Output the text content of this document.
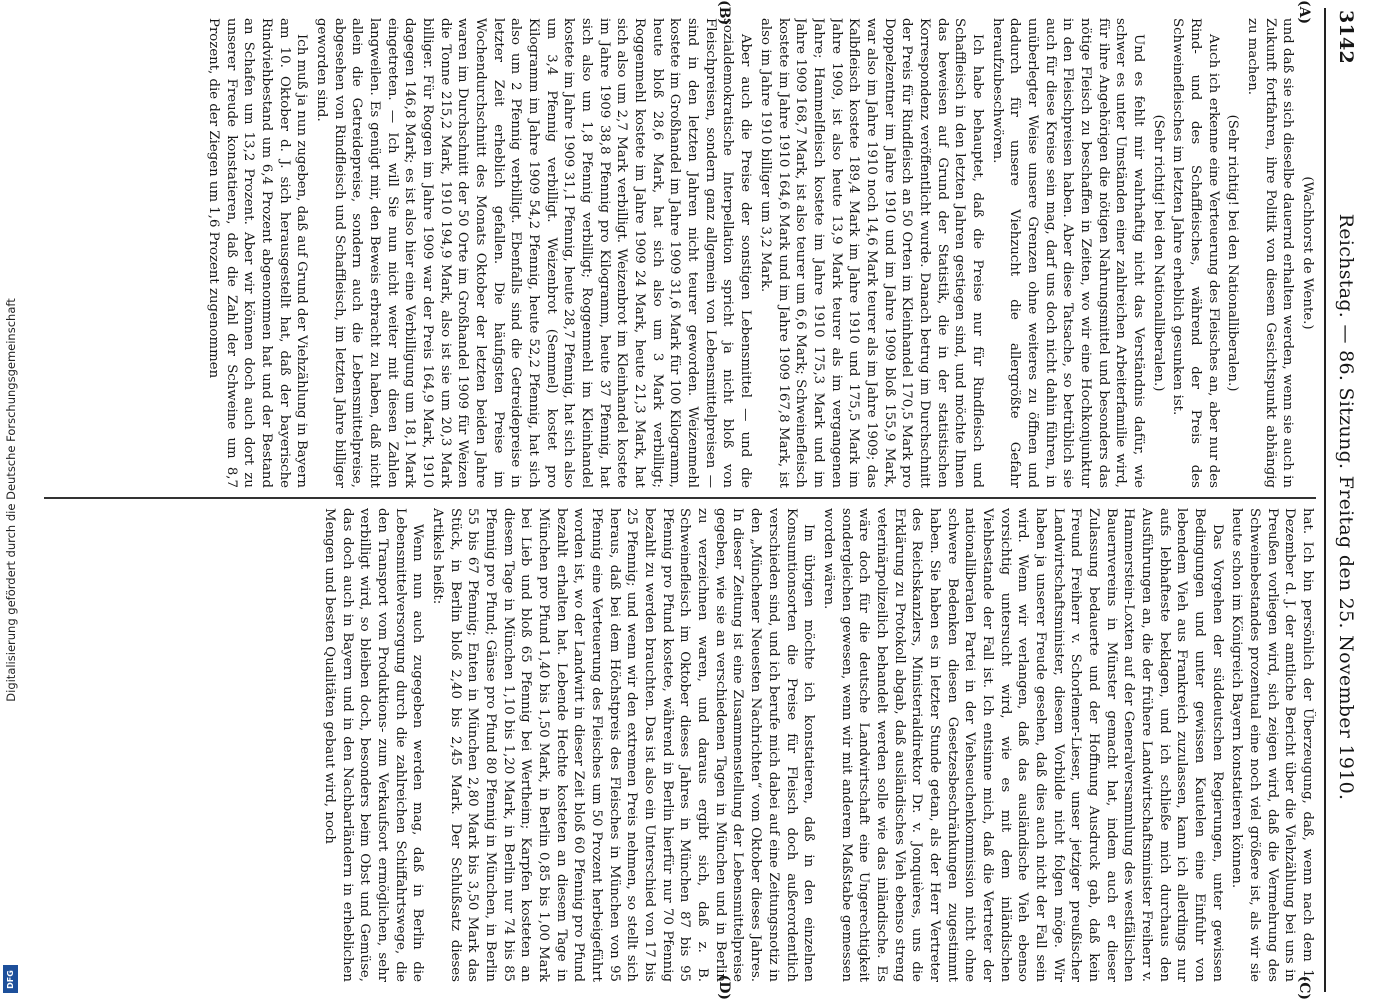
Digitalisierung gefördert durch die Deutsche Forschungsgemeinschaft
DFG
3142
Reichstag. — 86. Sitzung. Freitag den 25. November 1910.
(A)
(B)
(C)
(D)

(Wachhorst de Wente.)

und daß sie sich dieselbe dauernd erhalten werden, wenn sie auch in Zukunft fortfahren, ihre Politik von diesem Gesichtspunkt abhängig zu machen.

(Sehr richtig! bei den Nationalliberalen.)

Auch ich erkenne eine Verteuerung des Fleisches an, aber nur des Rind- und des Schaffleisches, während der Preis des Schweinefleisches im letzten Jahre erheblich gesunken ist.

(Sehr richtig! bei den Nationalliberalen.)

Und es fehlt mir wahrhaftig nicht das Verständnis dafür, wie schwer es unter Umständen einer zahlreichen Arbeiterfamilie wird, für ihre Angehörigen die nötigen Nahrungsmittel und besonders das nötige Fleisch zu beschaffen in Zeiten, wo wir eine Hochkonjunktur in den Fleischpreisen haben. Aber diese Tatsache, so betrüblich sie auch für diese Kreise sein mag, darf uns doch nicht dahin führen, in unüberlegter Weise unsere Grenzen ohne weiteres zu öffnen und dadurch für unsere Viehzucht die allergrößte Gefahr heraufzubeschwören.

Ich habe behauptet, daß die Preise nur für Rindfleisch und Schaffleisch in den letzten Jahren gestiegen sind, und möchte Ihnen das beweisen auf Grund der Statistik, die in der statistischen Korrespondenz veröffentlicht wurde. Danach betrug im Durchschnitt der Preis für Rindfleisch an 50 Orten im Kleinhandel 170,5 Mark pro Doppelzentner im Jahre 1910 und im Jahre 1909 bloß 155,9 Mark, war also im Jahre 1910 noch 14,6 Mark teurer als im Jahre 1909; das Kalbfleisch kostete 189,4 Mark im Jahre 1910 und 175,5 Mark im Jahre 1909, ist also heute 13,9 Mark teurer als im vergangenen Jahre; Hammelfleisch kostete im Jahre 1910 175,3 Mark und im Jahre 1909 168,7 Mark, ist also teurer um 6,6 Mark; Schweinefleisch kostete im Jahre 1910 164,6 Mark und im Jahre 1909 167,8 Mark, ist also im Jahre 1910 billiger um 3,2 Mark.

Aber auch die Preise der sonstigen Lebensmittel — und die sozialdemokratische Interpellation spricht ja nicht bloß von Fleischpreisen, sondern ganz allgemein von Lebensmittelpreisen — sind in den letzten Jahren nicht teurer geworden. Weizenmehl kostete im Großhandel im Jahre 1909 31,6 Mark für 100 Kilogramm, heute bloß 28,6 Mark, hat sich also um 3 Mark verbilligt; Roggenmehl kostete im Jahre 1909 24 Mark, heute 21,3 Mark, hat sich also um 2,7 Mark verbilligt. Weizenbrot im Kleinhandel kostete im Jahre 1909 38,8 Pfennig pro Kilogramm, heute 37 Pfennig, hat sich also um 1,8 Pfennig verbilligt; Roggenmehl im Kleinhandel kostete im Jahre 1909 31,1 Pfennig, heute 28,7 Pfennig, hat sich also um 3,4 Pfennig verbilligt. Weizenbrot (Semmel) kostet pro Kilogramm im Jahre 1909 54,2 Pfennig, heute 52,2 Pfennig, hat sich also um 2 Pfennig verbilligt. Ebenfalls sind die Getreidepreise in letzter Zeit erheblich gefallen. Die häufigsten Preise im Wochendurchschnitt des Monats Oktober der letzten beiden Jahre waren im Durchschnitt der 50 Orte im Großhandel 1909 für Weizen die Tonne 215,2 Mark, 1910 194,9 Mark, also ist sie um 20,3 Mark billiger. Für Roggen im Jahre 1909 war der Preis 164,9 Mark, 1910 dagegen 146,8 Mark; es ist also hier eine Verbilligung um 18,1 Mark eingetreten. — Ich will Sie nun nicht weiter mit diesen Zahlen langweilen. Es genügt mir, den Beweis erbracht zu haben, daß nicht allein die Getreidepreise, sondern auch die Lebensmittelpreise, abgesehen von Rindfleisch und Schaffleisch, im letzten Jahre billiger geworden sind.

Ich muß ja nun zugeben, daß auf Grund der Viehzählung in Bayern am 10. Oktober d. J. sich herausgestellt hat, daß der bayerische Rindviehbestand um 6,4 Prozent abgenommen hat und der Bestand an Schafen um 13,2 Prozent. Aber wir können doch auch dort zu unserer Freude konstatieren, daß die Zahl der Schweine um 8,7 Prozent, die der Ziegen um 1,6 Prozent zugenommen

hat. Ich bin persönlich der Überzeugung, daß, wenn nach dem 1. Dezember d. J. der amtliche Bericht über die Viehzählung bei uns in Preußen vorliegen wird, sich zeigen wird, daß die Vermehrung des Schweinebestandes prozentual eine noch viel größere ist, als wir sie heute schon im Königreich Bayern konstatieren können.

Das Vorgehen der süddeutschen Regierungen, unter gewissen Bedingungen und unter gewissen Kautelen eine Einfuhr von lebendem Vieh aus Frankreich zuzulassen, kann ich allerdings nur aufs lebhafteste beklagen, und ich schließe mich durchaus den Ausführungen an, die der frühere Landwirtschaftsminister Freiherr v. Hammerstein-Loxten auf der Generalversammlung des westfälischen Bauernvereins in Münster gemacht hat, indem auch er dieser Zulassung bedauerte und der Hoffnung Ausdruck gab, daß kein Freund Freiherr v. Schorlemer-Lieser, unser jetziger preußischer Landwirtschaftsminister, diesem Vorbilde nicht folgen möge. Wir haben ja unserer Freude gesehen, daß dies auch nicht der Fall sein wird. Wenn wir verlangen, daß das ausländische Vieh ebenso vorsichtig untersucht wird, wie es mit dem inländischen Viehbestande der Fall ist. Ich entsinne mich, daß die Vertreter der nationalliberalen Partei in der Viehseuchenkommission nicht ohne schwere Bedenken diesen Gesetzesbeschränkungen zugestimmt haben. Sie haben es in letzter Stunde getan, als der Herr Vertreter des Reichskanzlers, Ministerialdirektor Dr. v. Jonquières, uns die Erklärung zu Protokoll abgab, daß ausländisches Vieh ebenso streng veterinärpolizeilich behandelt werden solle wie das inländische. Es wäre doch für die deutsche Landwirtschaft eine Ungerechtigkeit sondergleichen gewesen, wenn wir mit anderem Maßstabe gemessen worden wären.

Im übrigen möchte ich konstatieren, daß in den einzelnen Konsumtionsorten die Preise für Fleisch doch außerordentlich verschieden sind, und ich berufe mich dabei auf eine Zeitungsnotiz in den „Münchener Neuesten Nachrichten“ vom Oktober dieses Jahres. In dieser Zeitung ist eine Zusammenstellung der Lebensmittelpreise gegeben, wie sie an verschiedenen Tagen in München und in Berlin zu verzeichnen waren, und daraus ergibt sich, daß z. B. Schweinefleisch im Oktober dieses Jahres in München 87 bis 95 Pfennig pro Pfund kostete, während in Berlin hierfür nur 70 Pfennig bezahlt zu werden brauchten. Das ist also ein Unterschied von 17 bis 25 Pfennig; und wenn wir den extremen Preis nehmen, so stellt sich heraus, daß bei dem Höchstpreis des Fleisches in München von 95 Pfennig eine Verteuerung des Fleisches um 50 Prozent herbeigeführt worden ist, wo der Landwirt in dieser Zeit bloß 60 Pfennig pro Pfund bezahlt erhalten hat. Lebende Hechte kosteten an diesem Tage in München pro Pfund 1,40 bis 1,50 Mark, in Berlin 0,85 bis 1,00 Mark bei Lieb und bloß 65 Pfennig bei Wertheim; Karpfen kosteten an diesem Tage in München 1,10 bis 1,20 Mark, in Berlin nur 74 bis 85 Pfennig pro Pfund; Gänse pro Pfund 80 Pfennig in München, in Berlin 55 bis 67 Pfennig; Enten in München 2,80 Mark bis 3,50 Mark das Stück, in Berlin bloß 2,40 bis 2,45 Mark. Der Schlußsatz dieses Artikels heißt:

Wenn nun auch zugegeben werden mag, daß in Berlin die Lebensmittelversorgung durch die zahlreichen Schiffahrtswege, die den Transport vom Produktions- zum Verkaufsort ermöglichen, sehr verbilligt wird, so bleiben doch, besonders beim Obst und Gemüse, das doch auch in Bayern und in den Nachbarländern in erheblichen Mengen und besten Qualitäten gebaut wird, noch
